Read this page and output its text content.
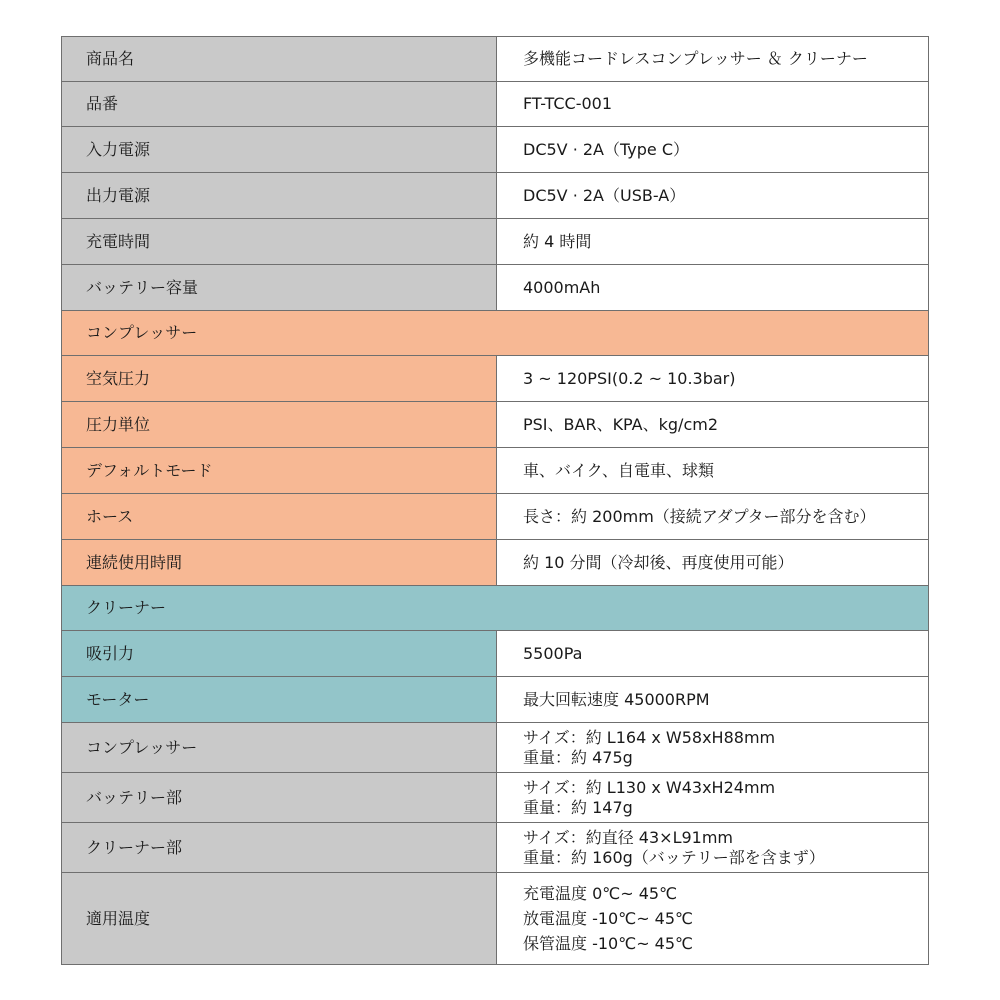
商品名	多機能コードレスコンプレッサー ＆ クリーナー

品番	FT-TCC-001

入力電源	DC5V · 2A（Type C）

出力電源	DC5V · 2A（USB-A）

充電時間	約 4 時間

バッテリー容量	4000mAh

コンプレッサー	
空気圧力	3 ~ 120PSI(0.2 ~ 10.3bar)

圧力単位	PSI、BAR、KPA、kg/cm2

デフォルトモード	車、バイク、自電車、球類

ホース	長さ：約 200mm（接続アダプター部分を含む）

連続使用時間	約 10 分間（冷却後、再度使用可能）

クリーナー	
吸引力	5500Pa

モーター	最大回転速度 45000RPM

コンプレッサー	サイズ：約 L164 x W58xH88mm
重量：約 475g

バッテリー部	サイズ：約 L130 x W43xH24mm
重量：約 147g

クリーナー部	サイズ：約直径 43×L91mm
重量：約 160g（バッテリー部を含まず）

適用温度	充電温度 0℃~ 45℃
放電温度 -10℃~ 45℃
保管温度 -10℃~ 45℃
